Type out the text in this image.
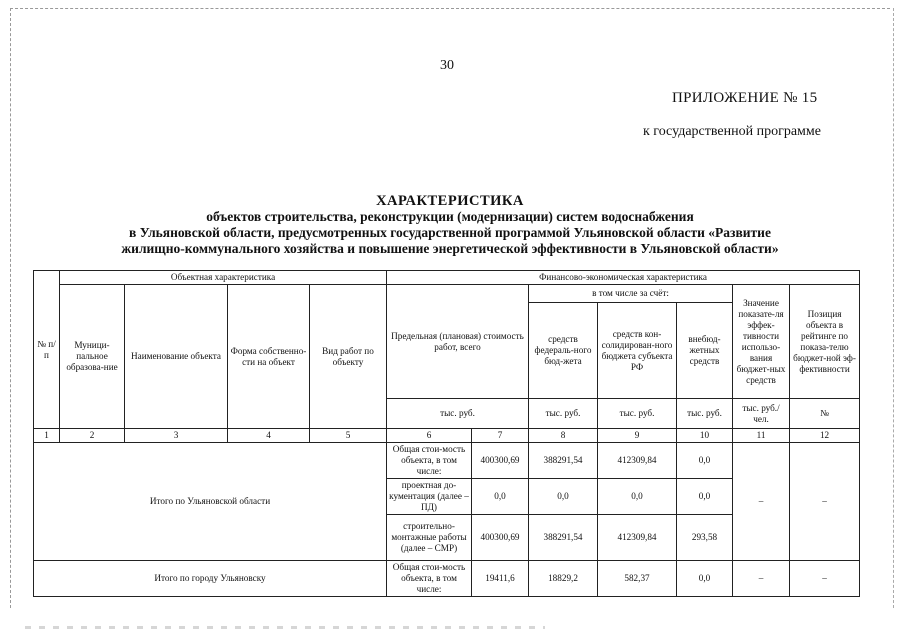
30
ПРИЛОЖЕНИЕ № 15
к государственной программе
ХАРАКТЕРИСТИКА
объектов строительства, реконструкции (модернизации) систем водоснабжения
в Ульяновской области, предусмотренных государственной программой Ульяновской области «Развитие
жилищно-коммунального хозяйства и повышение энергетической эффективности в Ульяновской области»
№ п/п	Объектная характеристика				Финансово-экономическая характеристика						
	Муници-пальное образова-ние	Наименование объекта	Форма собственно-сти на объект	Вид работ по объекту	Предельная (плановая) стоимость работ, всего		в том числе за счёт:			Значение показате-ля эффек-тивности использо-вания бюджет-ных средств	Позиция объекта в рейтинге по показа-телю бюджет-ной эф-фективности
							средств федераль-ного бюд-жета	средств кон-солидирован-ного бюджета субъекта РФ	внебюд-жетных средств		
					тыс. руб.		тыс. руб.	тыс. руб.	тыс. руб.	тыс. руб./чел.	№
1	2	3	4	5	6	7	8	9	10	11	12
Итого по Ульяновской области					Общая стои-мость объекта, в том числе:	400300,69	388291,54	412309,84	0,0	–	–
					проектная до-кументация (далее – ПД)	0,0	0,0	0,0	0,0		
					строительно-монтажные работы (далее – СМР)	400300,69	388291,54	412309,84	293,58		
Итого по городу Ульяновску					Общая стои-мость объекта, в том числе:	19411,6	18829,2	582,37	0,0	–	–
